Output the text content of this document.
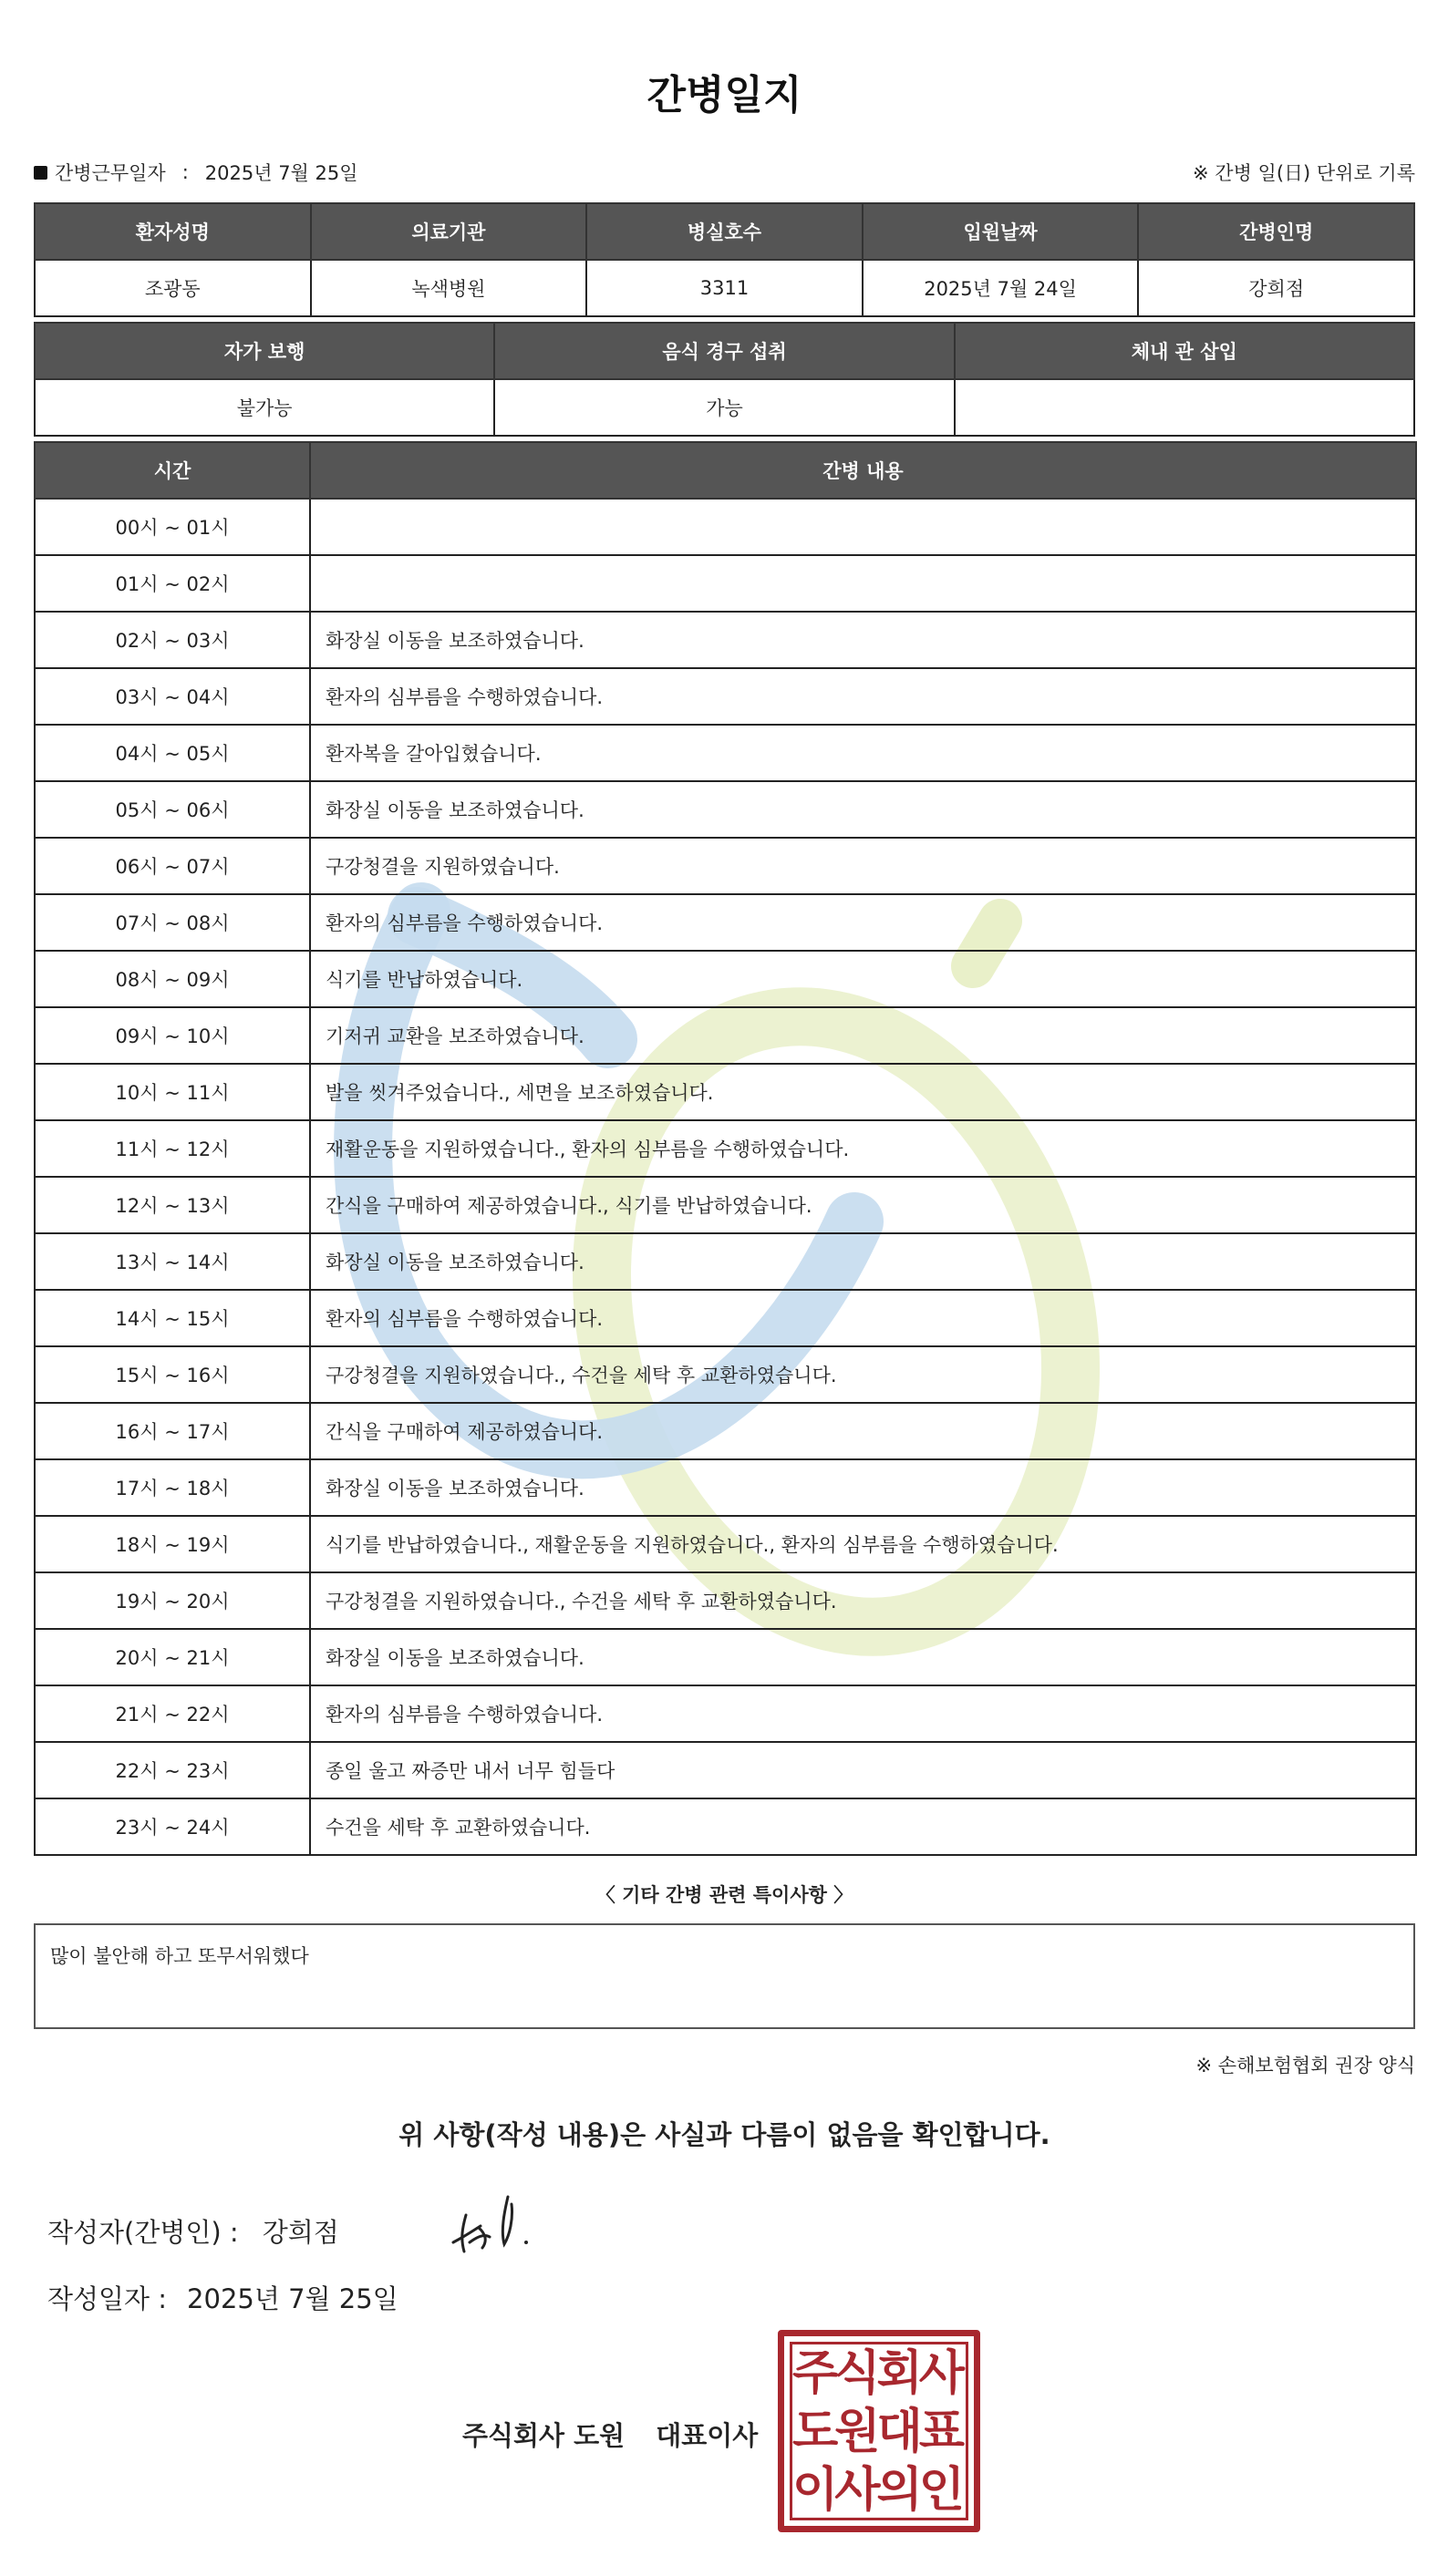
간병일지
간병근무일자 : 2025년 7월 25일	※ 간병 일(日) 단위로 기록
환자성명	의료기관	병실호수	입원날짜	간병인명
조광동	녹색병원	3311	2025년 7월 24일	강희점
자가 보행	음식 경구 섭취	체내 관 삽입
불가능	가능	
시간	간병 내용
00시 ~ 01시	
01시 ~ 02시	
02시 ~ 03시	화장실 이동을 보조하였습니다.
03시 ~ 04시	환자의 심부름을 수행하였습니다.
04시 ~ 05시	환자복을 갈아입혔습니다.
05시 ~ 06시	화장실 이동을 보조하였습니다.
06시 ~ 07시	구강청결을 지원하였습니다.
07시 ~ 08시	환자의 심부름을 수행하였습니다.
08시 ~ 09시	식기를 반납하였습니다.
09시 ~ 10시	기저귀 교환을 보조하였습니다.
10시 ~ 11시	발을 씻겨주었습니다., 세면을 보조하였습니다.
11시 ~ 12시	재활운동을 지원하였습니다., 환자의 심부름을 수행하였습니다.
12시 ~ 13시	간식을 구매하여 제공하였습니다., 식기를 반납하였습니다.
13시 ~ 14시	화장실 이동을 보조하였습니다.
14시 ~ 15시	환자의 심부름을 수행하였습니다.
15시 ~ 16시	구강청결을 지원하였습니다., 수건을 세탁 후 교환하였습니다.
16시 ~ 17시	간식을 구매하여 제공하였습니다.
17시 ~ 18시	화장실 이동을 보조하였습니다.
18시 ~ 19시	식기를 반납하였습니다., 재활운동을 지원하였습니다., 환자의 심부름을 수행하였습니다.
19시 ~ 20시	구강청결을 지원하였습니다., 수건을 세탁 후 교환하였습니다.
20시 ~ 21시	화장실 이동을 보조하였습니다.
21시 ~ 22시	환자의 심부름을 수행하였습니다.
22시 ~ 23시	종일 울고 짜증만 내서 너무 힘들다
23시 ~ 24시	수건을 세탁 후 교환하였습니다.
〈 기타 간병 관련 특이사항 〉
많이 불안해 하고 또무서워했다
※ 손해보험협회 권장 양식
위 사항(작성 내용)은 사실과 다름이 없음을 확인합니다.
작성자(간병인) : 강희점
작성일자 : 2025년 7월 25일
주식회사 도원 대표이사
주식회사
도원대표
이사의인
